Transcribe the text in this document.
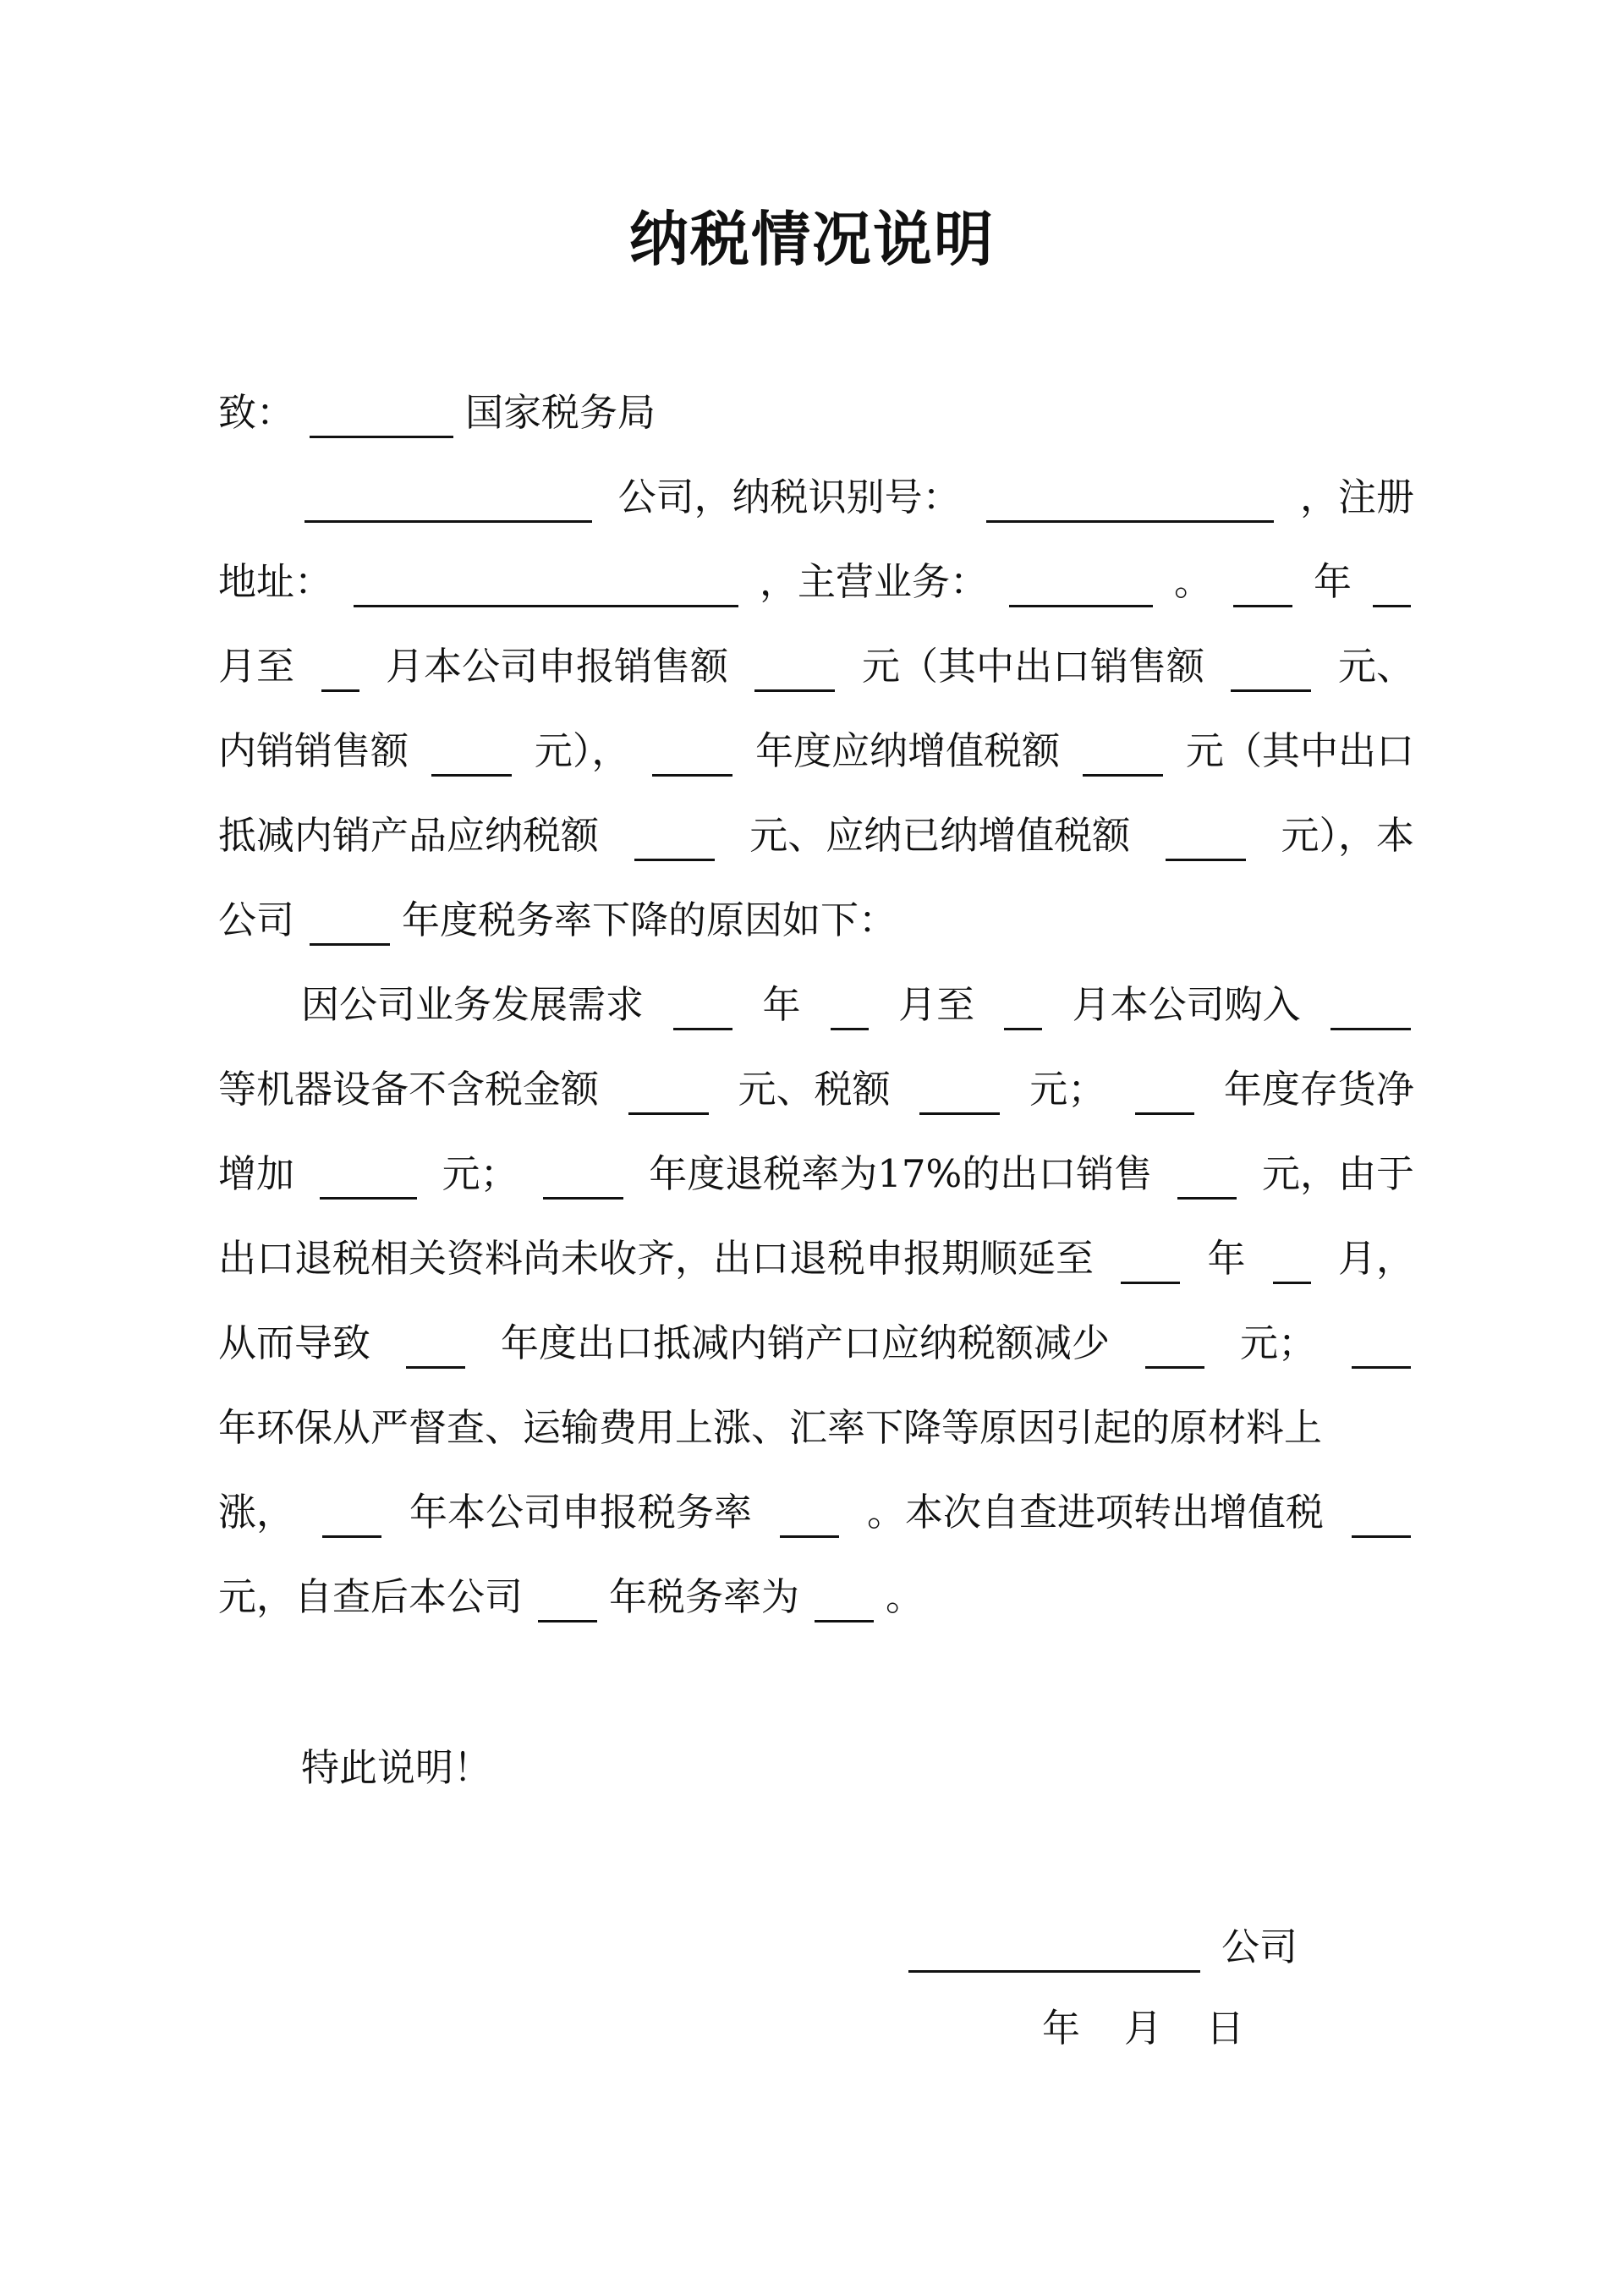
纳税情况说明
致：	国家税务局
公司，纳税识别号：	，注册
地址：	，主营业务：	。	年
月至 月本公司申报销售额	元（其中出口销售额	元、
内销销售额	元），	年度应纳增值税额	元（其中出口
抵减内销产品应纳税额	元、应纳已纳增值税额	元），本
公司	年度税务率下降的原因如下：
因公司业务发展需求	年	月至	月本公司购入
等机器设备不含税金额	元、税额	元；	年度存货净
增加	元；	年度退税率为17%的出口销售	元，由于
出口退税相关资料尚未收齐，出口退税申报期顺延至	年 月，
从而导致	年度出口抵减内销产口应纳税额减少	元；
年环保从严督查、运输费用上涨、汇率下降等原因引起的原材料上
涨，	年本公司申报税务率	。本次自查进项转出增值税
元，自查后本公司 年税务率为 。
特此说明！
公司
年 月 日
